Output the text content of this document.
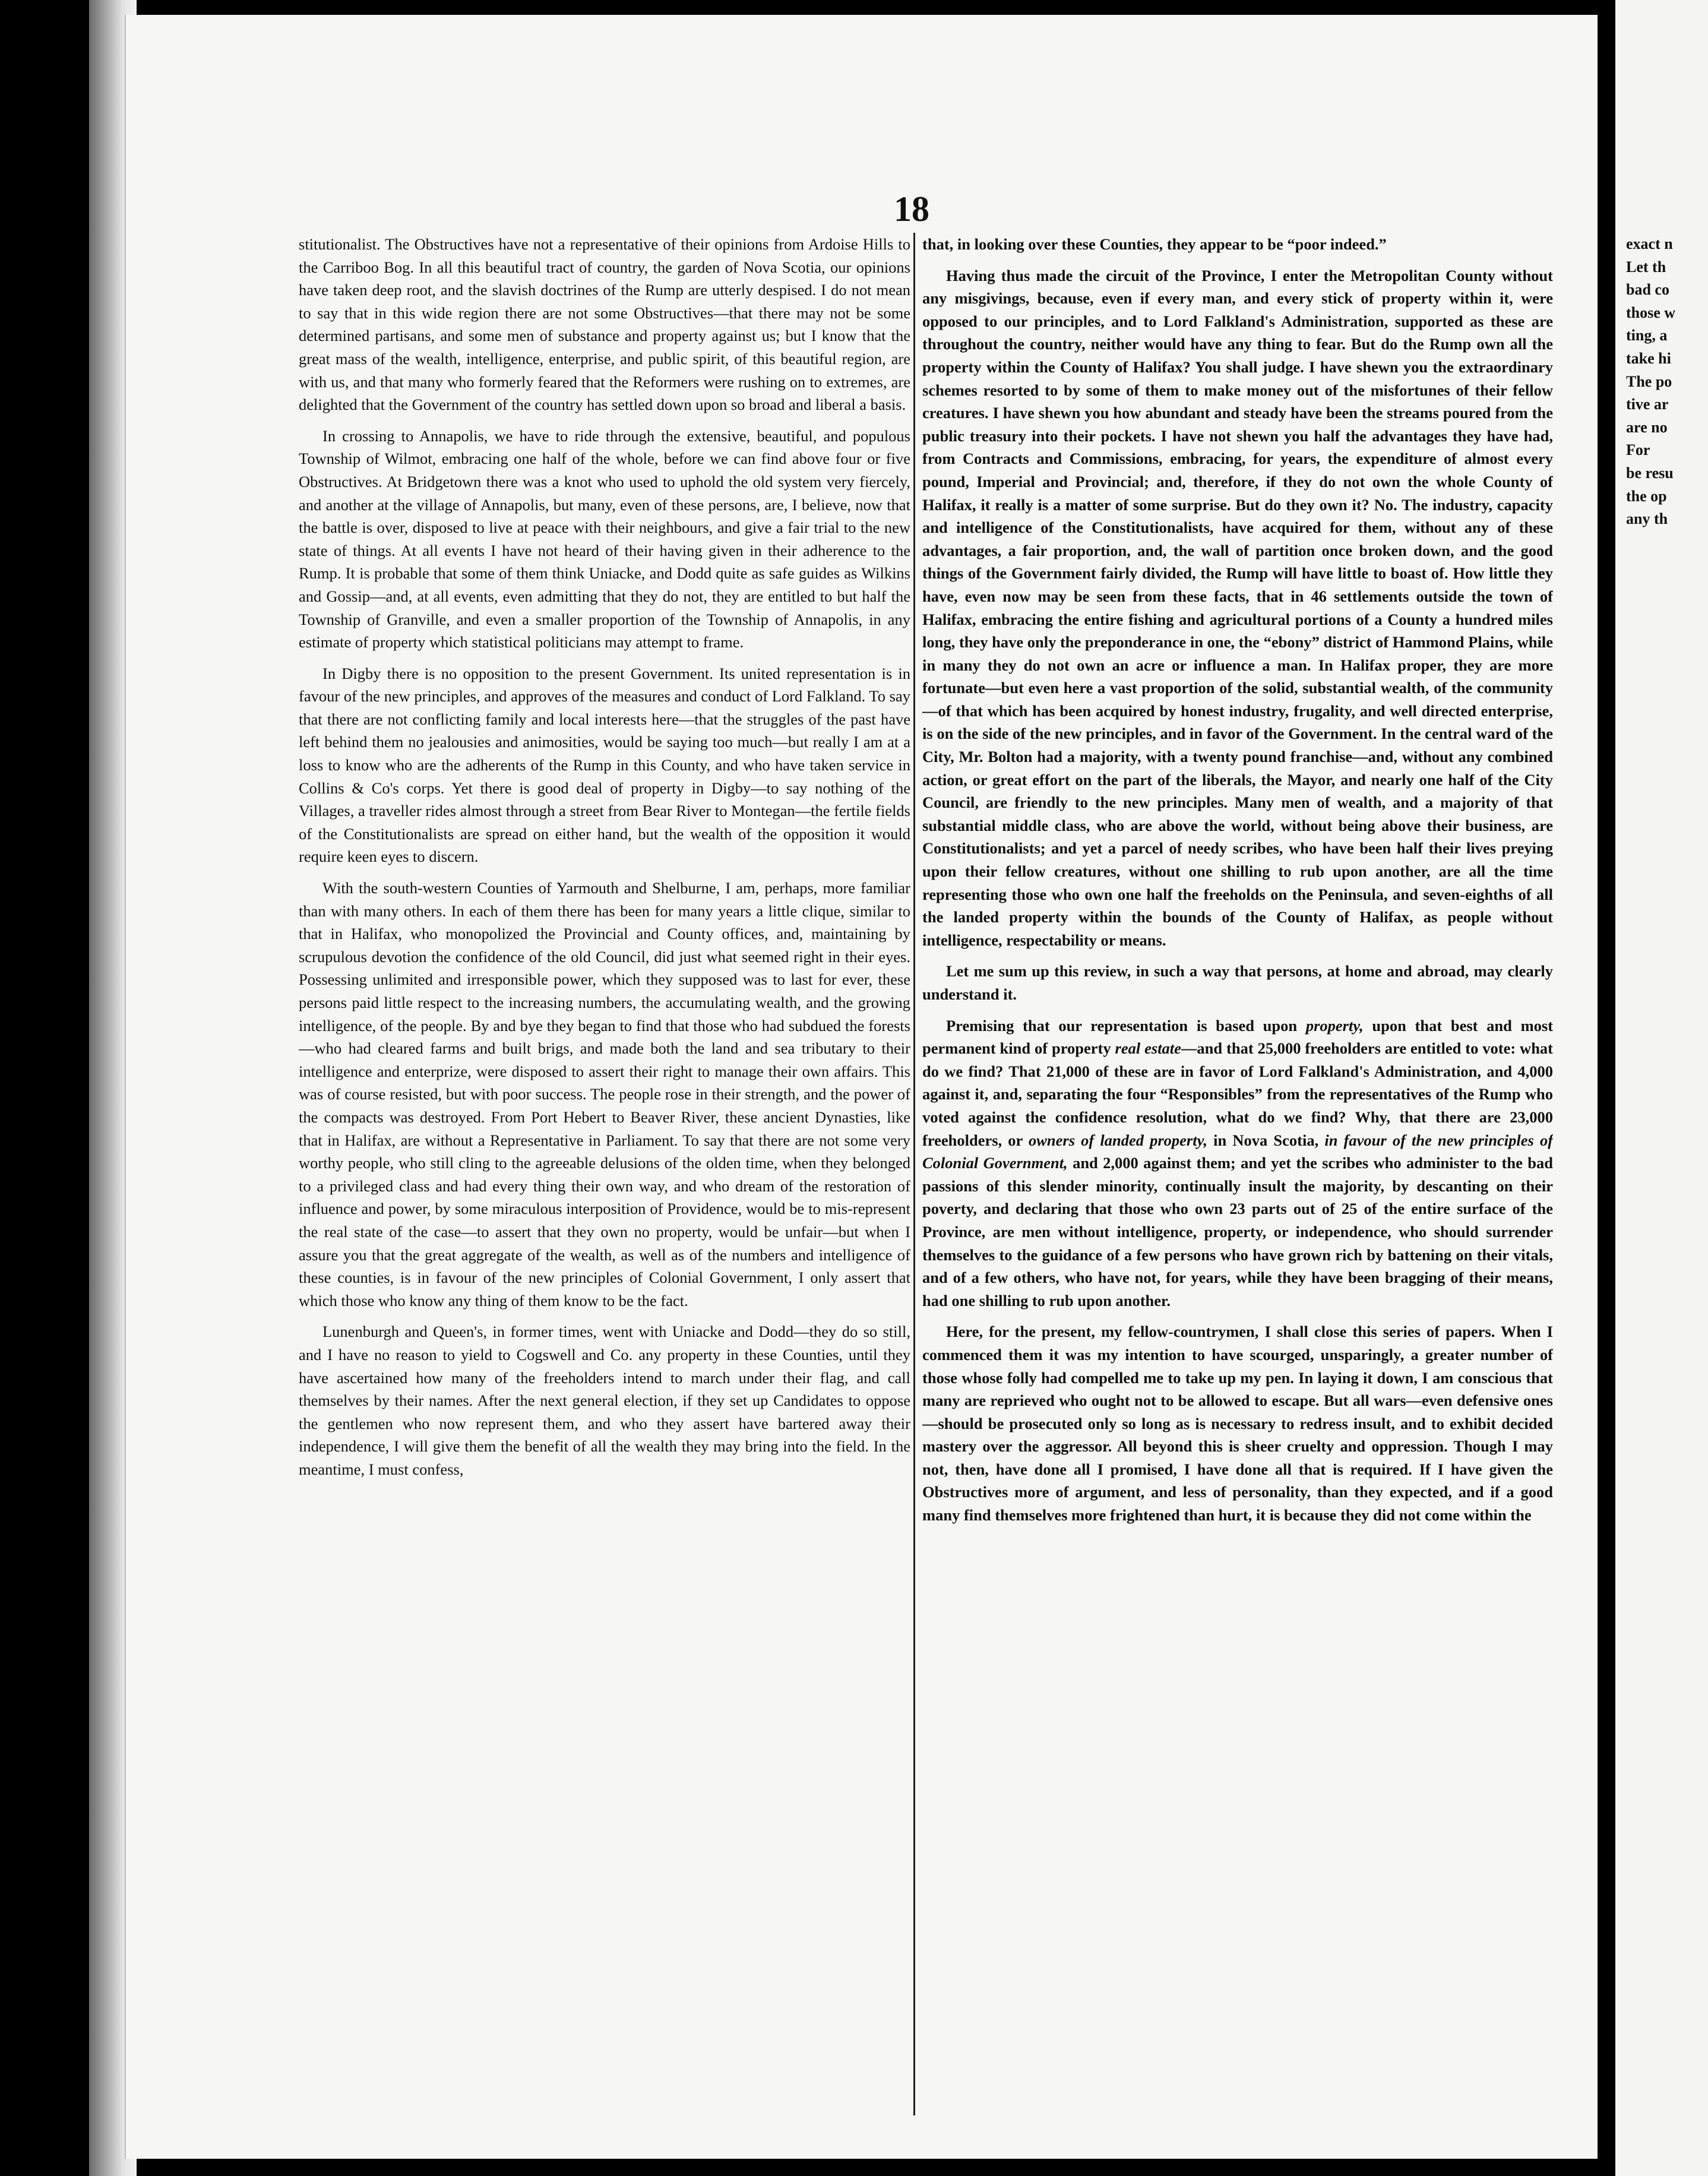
18

stitutionalist. The Obstructives have not a representative of their opinions from Ardoise Hills to the Carriboo Bog. In all this beautiful tract of country, the garden of Nova Scotia, our opinions have taken deep root, and the slavish doctrines of the Rump are utterly despised. I do not mean to say that in this wide region there are not some Obstructives—that there may not be some determined partisans, and some men of substance and property against us; but I know that the great mass of the wealth, intelligence, enterprise, and public spirit, of this beautiful region, are with us, and that many who formerly feared that the Reformers were rushing on to extremes, are delighted that the Government of the country has settled down upon so broad and liberal a basis.

In crossing to Annapolis, we have to ride through the extensive, beautiful, and populous Township of Wilmot, embracing one half of the whole, before we can find above four or five Obstructives. At Bridgetown there was a knot who used to uphold the old system very fiercely, and another at the village of Annapolis, but many, even of these persons, are, I believe, now that the battle is over, disposed to live at peace with their neighbours, and give a fair trial to the new state of things. At all events I have not heard of their having given in their adherence to the Rump. It is probable that some of them think Uniacke, and Dodd quite as safe guides as Wilkins and Gossip—and, at all events, even admitting that they do not, they are entitled to but half the Township of Granville, and even a smaller proportion of the Township of Annapolis, in any estimate of property which statistical politicians may attempt to frame.

In Digby there is no opposition to the present Government. Its united representation is in favour of the new principles, and approves of the measures and conduct of Lord Falkland. To say that there are not conflicting family and local interests here—that the struggles of the past have left behind them no jealousies and animosities, would be saying too much—but really I am at a loss to know who are the adherents of the Rump in this County, and who have taken service in Collins & Co's corps. Yet there is good deal of property in Digby—to say nothing of the Villages, a traveller rides almost through a street from Bear River to Montegan—the fertile fields of the Constitutionalists are spread on either hand, but the wealth of the opposition it would require keen eyes to discern.

With the south-western Counties of Yarmouth and Shelburne, I am, perhaps, more familiar than with many others. In each of them there has been for many years a little clique, similar to that in Halifax, who monopolized the Provincial and County offices, and, maintaining by scrupulous devotion the confidence of the old Council, did just what seemed right in their eyes. Possessing unlimited and irresponsible power, which they supposed was to last for ever, these persons paid little respect to the increasing numbers, the accumulating wealth, and the growing intelligence, of the people. By and bye they began to find that those who had subdued the forests—who had cleared farms and built brigs, and made both the land and sea tributary to their intelligence and enterprize, were disposed to assert their right to manage their own affairs. This was of course resisted, but with poor success. The people rose in their strength, and the power of the compacts was destroyed. From Port Hebert to Beaver River, these ancient Dynasties, like that in Halifax, are without a Representative in Parliament. To say that there are not some very worthy people, who still cling to the agreeable delusions of the olden time, when they belonged to a privileged class and had every thing their own way, and who dream of the restoration of influence and power, by some miraculous interposition of Providence, would be to mis-represent the real state of the case—to assert that they own no property, would be unfair—but when I assure you that the great aggregate of the wealth, as well as of the numbers and intelligence of these counties, is in favour of the new principles of Colonial Government, I only assert that which those who know any thing of them know to be the fact.

Lunenburgh and Queen's, in former times, went with Uniacke and Dodd—they do so still, and I have no reason to yield to Cogswell and Co. any property in these Counties, until they have ascertained how many of the freeholders intend to march under their flag, and call themselves by their names. After the next general election, if they set up Candidates to oppose the gentlemen who now represent them, and who they assert have bartered away their independence, I will give them the benefit of all the wealth they may bring into the field. In the meantime, I must confess,

that, in looking over these Counties, they appear to be “poor indeed.”

Having thus made the circuit of the Province, I enter the Metropolitan County without any misgivings, because, even if every man, and every stick of property within it, were opposed to our principles, and to Lord Falkland's Administration, supported as these are throughout the country, neither would have any thing to fear. But do the Rump own all the property within the County of Halifax? You shall judge. I have shewn you the extraordinary schemes resorted to by some of them to make money out of the misfortunes of their fellow creatures. I have shewn you how abundant and steady have been the streams poured from the public treasury into their pockets. I have not shewn you half the advantages they have had, from Contracts and Commissions, embracing, for years, the expenditure of almost every pound, Imperial and Provincial; and, therefore, if they do not own the whole County of Halifax, it really is a matter of some surprise. But do they own it? No. The industry, capacity and intelligence of the Constitutionalists, have acquired for them, without any of these advantages, a fair proportion, and, the wall of partition once broken down, and the good things of the Government fairly divided, the Rump will have little to boast of. How little they have, even now may be seen from these facts, that in 46 settlements outside the town of Halifax, embracing the entire fishing and agricultural portions of a County a hundred miles long, they have only the preponderance in one, the “ebony” district of Hammond Plains, while in many they do not own an acre or influence a man. In Halifax proper, they are more fortunate—but even here a vast proportion of the solid, substantial wealth, of the community—of that which has been acquired by honest industry, frugality, and well directed enterprise, is on the side of the new principles, and in favor of the Government. In the central ward of the City, Mr. Bolton had a majority, with a twenty pound franchise—and, without any combined action, or great effort on the part of the liberals, the Mayor, and nearly one half of the City Council, are friendly to the new principles. Many men of wealth, and a majority of that substantial middle class, who are above the world, without being above their business, are Constitutionalists; and yet a parcel of needy scribes, who have been half their lives preying upon their fellow creatures, without one shilling to rub upon another, are all the time representing those who own one half the freeholds on the Peninsula, and seven-eighths of all the landed property within the bounds of the County of Halifax, as people without intelligence, respectability or means.

Let me sum up this review, in such a way that persons, at home and abroad, may clearly understand it.

Premising that our representation is based upon property, upon that best and most permanent kind of property real estate—and that 25,000 freeholders are entitled to vote: what do we find? That 21,000 of these are in favor of Lord Falkland's Administration, and 4,000 against it, and, separating the four “Responsibles” from the representatives of the Rump who voted against the confidence resolution, what do we find? Why, that there are 23,000 freeholders, or owners of landed property, in Nova Scotia, in favour of the new principles of Colonial Government, and 2,000 against them; and yet the scribes who administer to the bad passions of this slender minority, continually insult the majority, by descanting on their poverty, and declaring that those who own 23 parts out of 25 of the entire surface of the Province, are men without intelligence, property, or independence, who should surrender themselves to the guidance of a few persons who have grown rich by battening on their vitals, and of a few others, who have not, for years, while they have been bragging of their means, had one shilling to rub upon another.

Here, for the present, my fellow-countrymen, I shall close this series of papers. When I commenced them it was my intention to have scourged, unsparingly, a greater number of those whose folly had compelled me to take up my pen. In laying it down, I am conscious that many are reprieved who ought not to be allowed to escape. But all wars—even defensive ones—should be prosecuted only so long as is necessary to redress insult, and to exhibit decided mastery over the aggressor. All beyond this is sheer cruelty and oppression. Though I may not, then, have done all I promised, I have done all that is required. If I have given the Obstructives more of argument, and less of personality, than they expected, and if a good many find themselves more frightened than hurt, it is because they did not come within the

exact n
Let th
bad co
those w
ting, a
take hi
The po
tive ar
are no
For
be resu
the op
any th
